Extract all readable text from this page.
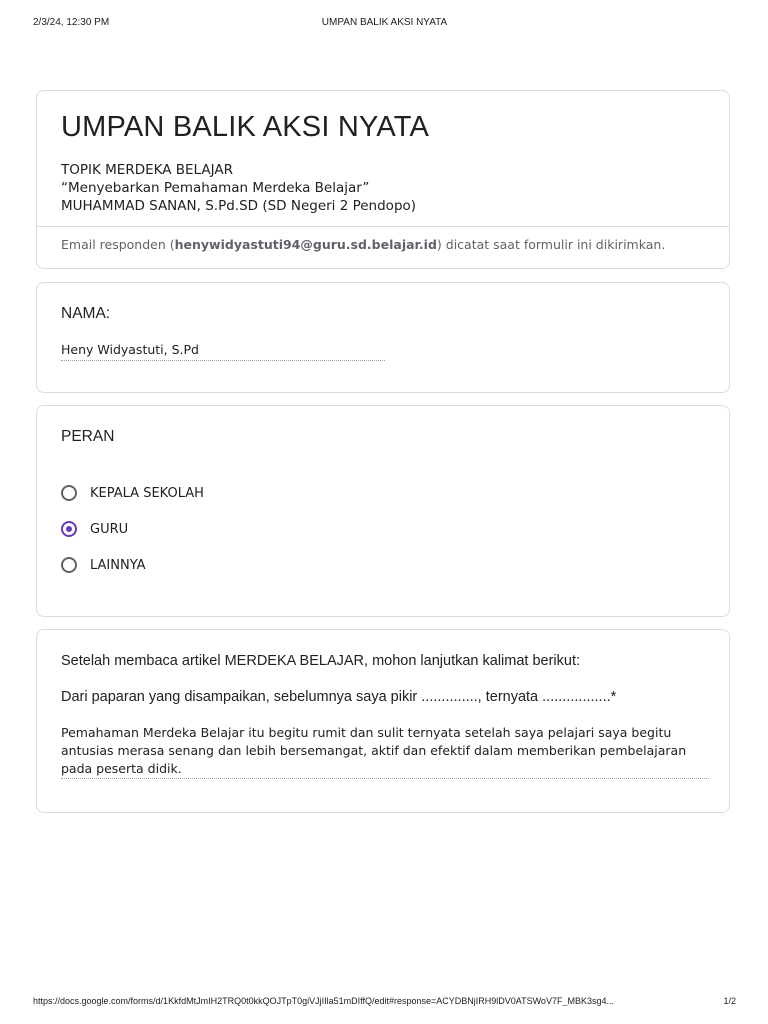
2/3/24, 12:30 PM	UMPAN BALIK AKSI NYATA
UMPAN BALIK AKSI NYATA
TOPIK MERDEKA BELAJAR
“Menyebarkan Pemahaman Merdeka Belajar”
MUHAMMAD SANAN, S.Pd.SD (SD Negeri 2 Pendopo)
Email responden (henywidyastuti94@guru.sd.belajar.id) dicatat saat formulir ini dikirimkan.
NAMA:
Heny Widyastuti, S.Pd
PERAN
KEPALA SEKOLAH
GURU
LAINNYA
Setelah membaca artikel MERDEKA BELAJAR, mohon lanjutkan kalimat berikut:
Dari paparan yang disampaikan, sebelumnya saya pikir .............., ternyata .................*
Pemahaman Merdeka Belajar itu begitu rumit dan sulit ternyata setelah saya pelajari saya begitu antusias merasa senang dan lebih bersemangat, aktif dan efektif dalam memberikan pembelajaran pada peserta didik.
https://docs.google.com/forms/d/1KkfdMtJmIH2TRQ0t0kkQOJTpT0giVJjIIla51mDIffQ/edit#response=ACYDBNjIRH9lDV0ATSWoV7F_MBK3sg4...	1/2
